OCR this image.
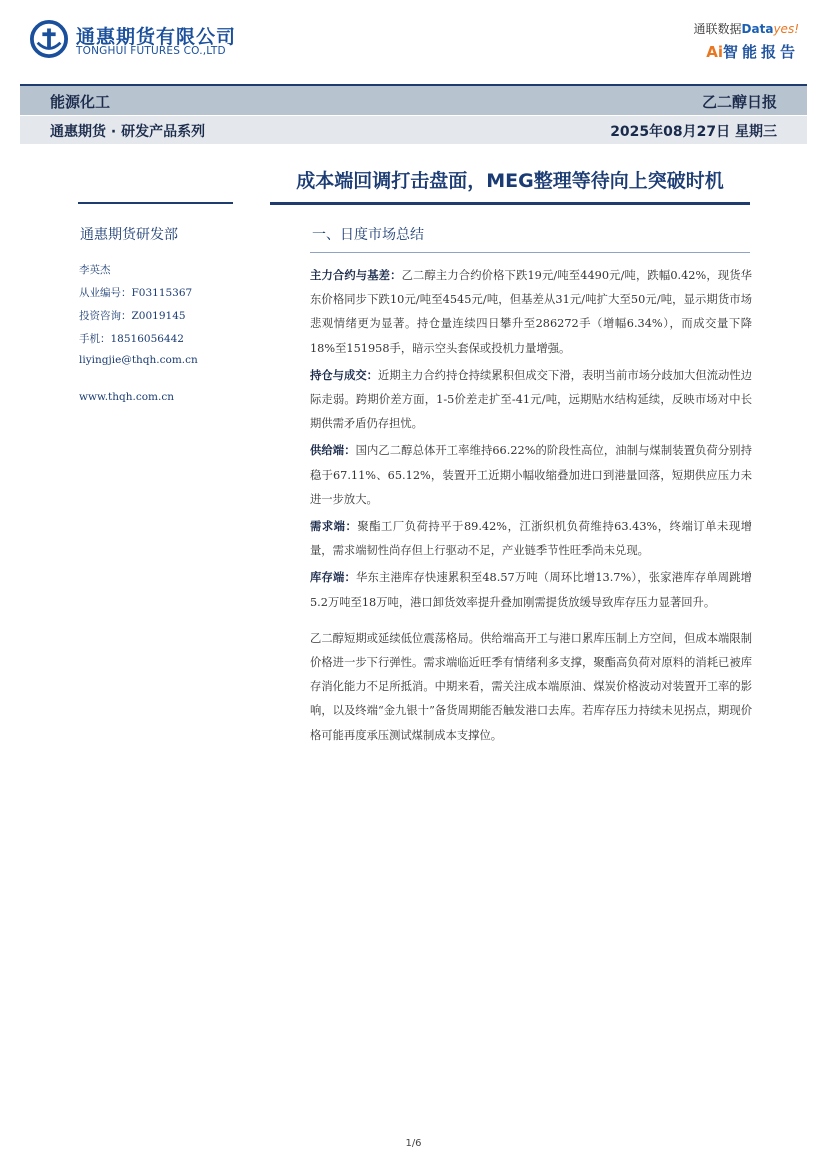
通惠期货有限公司
TONGHUI FUTURES CO.,LTD
通联数据Datayes!
Ai智能报告
能源化工	乙二醇日报
通惠期货 · 研发产品系列	2025年08月27日 星期三
成本端回调打击盘面，MEG整理等待向上突破时机
通惠期货研发部
李英杰
从业编号：F03115367
投资咨询：Z0019145
手机：18516056442
liyingjie@thqh.com.cn
www.thqh.com.cn
一、日度市场总结

主力合约与基差：乙二醇主力合约价格下跌19元/吨至4490元/吨，跌幅0.42%，现货华东价格同步下跌10元/吨至4545元/吨，但基差从31元/吨扩大至50元/吨，显示期货市场悲观情绪更为显著。持仓量连续四日攀升至286272手（增幅6.34%），而成交量下降18%至151958手，暗示空头套保或投机力量增强。

持仓与成交：近期主力合约持仓持续累积但成交下滑，表明当前市场分歧加大但流动性边际走弱。跨期价差方面，1-5价差走扩至-41元/吨，远期贴水结构延续，反映市场对中长期供需矛盾仍存担忧。

供给端：国内乙二醇总体开工率维持66.22%的阶段性高位，油制与煤制装置负荷分别持稳于67.11%、65.12%，装置开工近期小幅收缩叠加进口到港量回落，短期供应压力未进一步放大。

需求端：聚酯工厂负荷持平于89.42%，江浙织机负荷维持63.43%，终端订单未现增量，需求端韧性尚存但上行驱动不足，产业链季节性旺季尚未兑现。

库存端：华东主港库存快速累积至48.57万吨（周环比增13.7%），张家港库存单周跳增5.2万吨至18万吨，港口卸货效率提升叠加刚需提货放缓导致库存压力显著回升。

乙二醇短期或延续低位震荡格局。供给端高开工与港口累库压制上方空间，但成本端限制价格进一步下行弹性。需求端临近旺季有情绪利多支撑，聚酯高负荷对原料的消耗已被库存消化能力不足所抵消。中期来看，需关注成本端原油、煤炭价格波动对装置开工率的影响，以及终端“金九银十”备货周期能否触发港口去库。若库存压力持续未见拐点，期现价格可能再度承压测试煤制成本支撑位。

1/6
